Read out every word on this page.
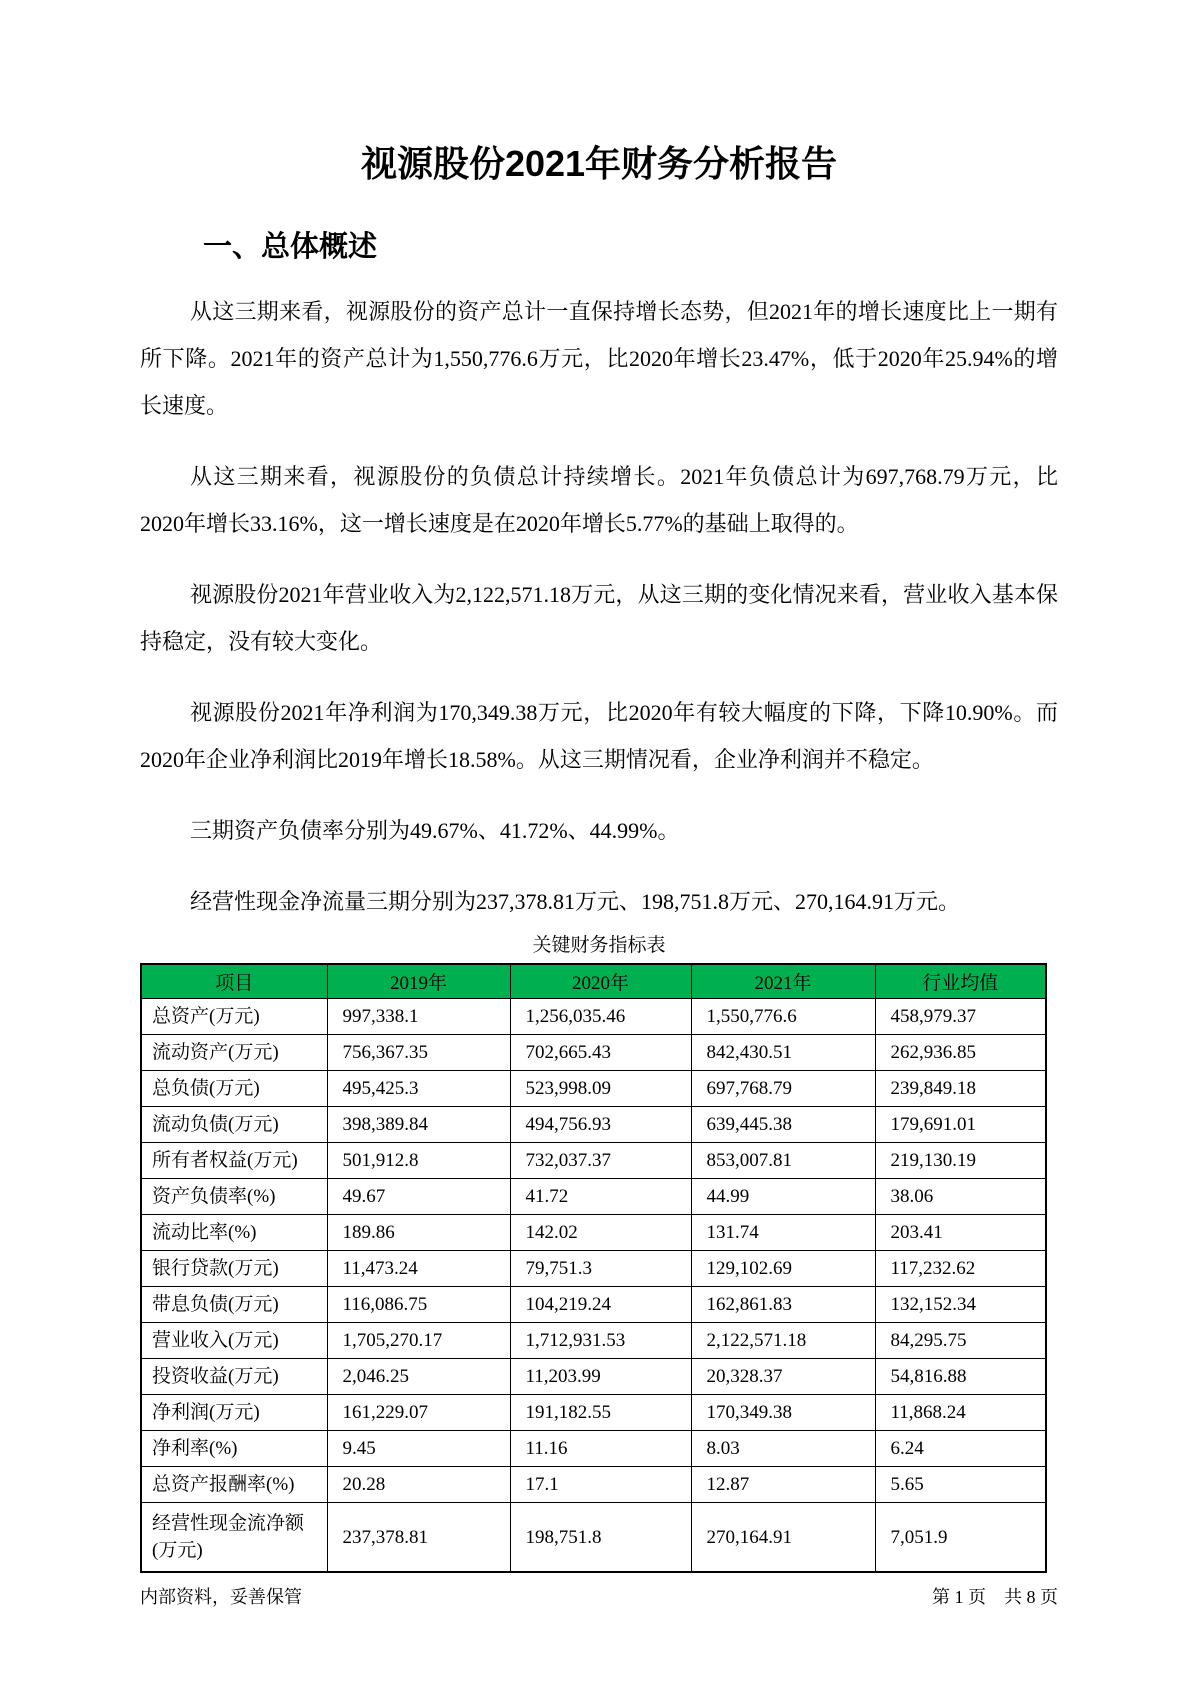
视源股份2021年财务分析报告
一、总体概述

从这三期来看，视源股份的资产总计一直保持增长态势，但2021年的增长速度比上一期有所下降。2021年的资产总计为1,550,776.6万元，比2020年增长23.47%，低于2020年25.94%的增长速度。

从这三期来看，视源股份的负债总计持续增长。2021年负债总计为697,768.79万元，比2020年增长33.16%，这一增长速度是在2020年增长5.77%的基础上取得的。

视源股份2021年营业收入为2,122,571.18万元，从这三期的变化情况来看，营业收入基本保持稳定，没有较大变化。

视源股份2021年净利润为170,349.38万元，比2020年有较大幅度的下降，下降10.90%。而2020年企业净利润比2019年增长18.58%。从这三期情况看，企业净利润并不稳定。

三期资产负债率分别为49.67%、41.72%、44.99%。

经营性现金净流量三期分别为237,378.81万元、198,751.8万元、270,164.91万元。

关键财务指标表
项目	2019年	2020年	2021年	行业均值
总资产(万元)	997,338.1	1,256,035.46	1,550,776.6	458,979.37
流动资产(万元)	756,367.35	702,665.43	842,430.51	262,936.85
总负债(万元)	495,425.3	523,998.09	697,768.79	239,849.18
流动负债(万元)	398,389.84	494,756.93	639,445.38	179,691.01
所有者权益(万元)	501,912.8	732,037.37	853,007.81	219,130.19
资产负债率(%)	49.67	41.72	44.99	38.06
流动比率(%)	189.86	142.02	131.74	203.41
银行贷款(万元)	11,473.24	79,751.3	129,102.69	117,232.62
带息负债(万元)	116,086.75	104,219.24	162,861.83	132,152.34
营业收入(万元)	1,705,270.17	1,712,931.53	2,122,571.18	84,295.75
投资收益(万元)	2,046.25	11,203.99	20,328.37	54,816.88
净利润(万元)	161,229.07	191,182.55	170,349.38	11,868.24
净利率(%)	9.45	11.16	8.03	6.24
总资产报酬率(%)	20.28	17.1	12.87	5.65
经营性现金流净额(万元)	237,378.81	198,751.8	270,164.91	7,051.9
内部资料，妥善保管	第 1 页　共 8 页
